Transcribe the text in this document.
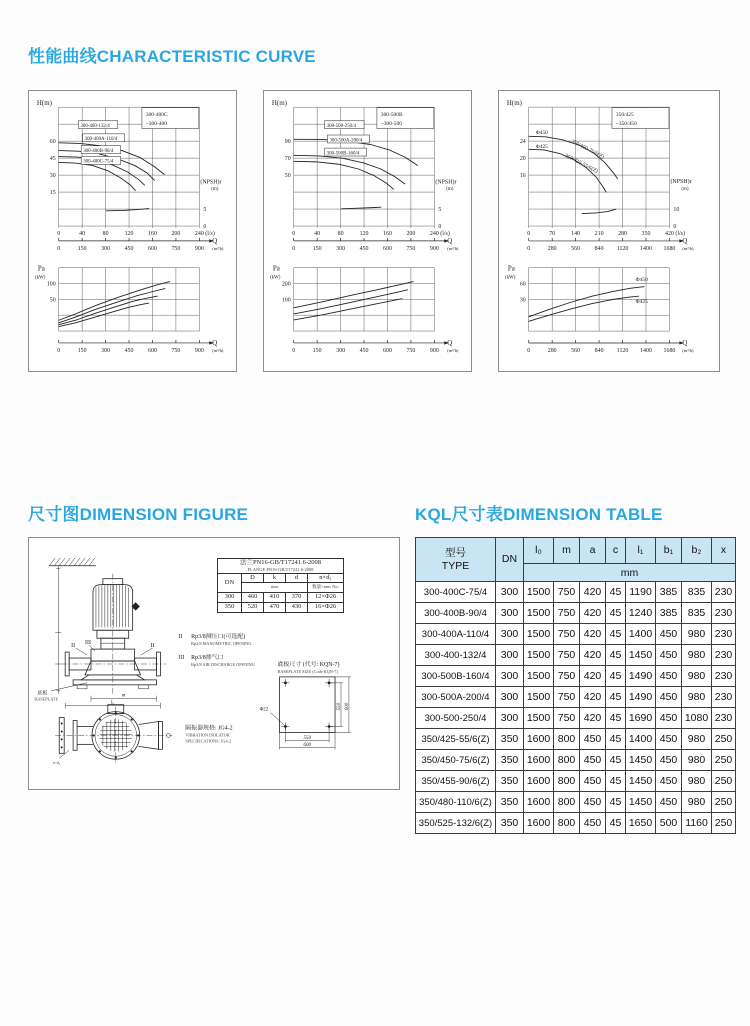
性能曲线CHARACTERISTIC CURVE
H(m)
60
45
30
15
5
0
(NPSH)r
(m)
300-400C
~300-400
300-400-132/4
300-400A-110/4
300-400B-90/4
300-400C-75/4
0	40	80	120 160 200 240 (l/s)
0	150 300 450 600 750 900
Q
(m³/h)
Pa
(kW)
100
50
0	150 300 450 600 750 900
Q
(m³/h)
H(m)
90
70
50
5
0
(NPSH)r
(m)
300-500B
~300-500
300-500-250/4
300-500A-200/4
300-500B-160/4
0	40	80	120 160 200 240 (l/s)
0	150 300 450 600 750 900
Q
(m³/h)
Pa
(kW)
200
100
0	150 300 450 600 750 900
Q
(m³/h)
H(m)
24
20
16
10
0
(NPSH)r
(m)
350/425
~350/450
Φ450
Φ425	350/450-75/6(Z)
350/425-55/6(Z)
0	70	140 210 280 350 420 (l/s)
0	280 560 840 1120 1400 1680
Q
(m³/h)
Pa
(kW)
60
30
Φ450
Φ425
0	280 560 840 1120 1400 1680
Q
(m³/h)
尺寸图DIMENSION FIGURE	KQL尺寸表DIMENSION TABLE
II III	II
m
l₀
底板
BASEPLATE
n-d₁
II Rp3/8测压口(可选配)
Rp3/8 MANOMETRIC OPENING
III Rp3/8排气口
Rp3/8 AIR DISCHARGE OPENING
隔振器规格: JG4-2
VIBRATION ISOLATOR
SPECIFICATIONS: JG4-2
底板尺寸 (代号: KQN-7)
BASEPLATE SIZE (Code KQN-7)
550 600
550
600
Φ22
法兰PN16-GB/T17241.6-2008
FLANGE PN16-GB/T17241.6-2008				

DN	D	k	d	n×d₁
	mm			数量×mm No.
300	460	410	370	12×Φ26
350	520	470	430	16×Φ26
型号
TYPE	DN	l₀	m	a	c	l₁	b₁	b₂	x
		mm							
300-400C-75/4	300	1500	750	420	45	1190	385	835	230
300-400B-90/4	300	1500	750	420	45	1240	385	835	230
300-400A-110/4	300	1500	750	420	45	1400	450	980	230
300-400-132/4	300	1500	750	420	45	1450	450	980	230
300-500B-160/4	300	1500	750	420	45	1490	450	980	230
300-500A-200/4	300	1500	750	420	45	1490	450	980	230
300-500-250/4	300	1500	750	420	45	1690	450	1080	230
350/425-55/6(Z)	350	1600	800	450	45	1400	450	980	250
350/450-75/6(Z)	350	1600	800	450	45	1450	450	980	250
350/455-90/6(Z)	350	1600	800	450	45	1450	450	980	250
350/480-110/6(Z)	350	1600	800	450	45	1450	450	980	250
350/525-132/6(Z)	350	1600	800	450	45	1650	500	1160	250
